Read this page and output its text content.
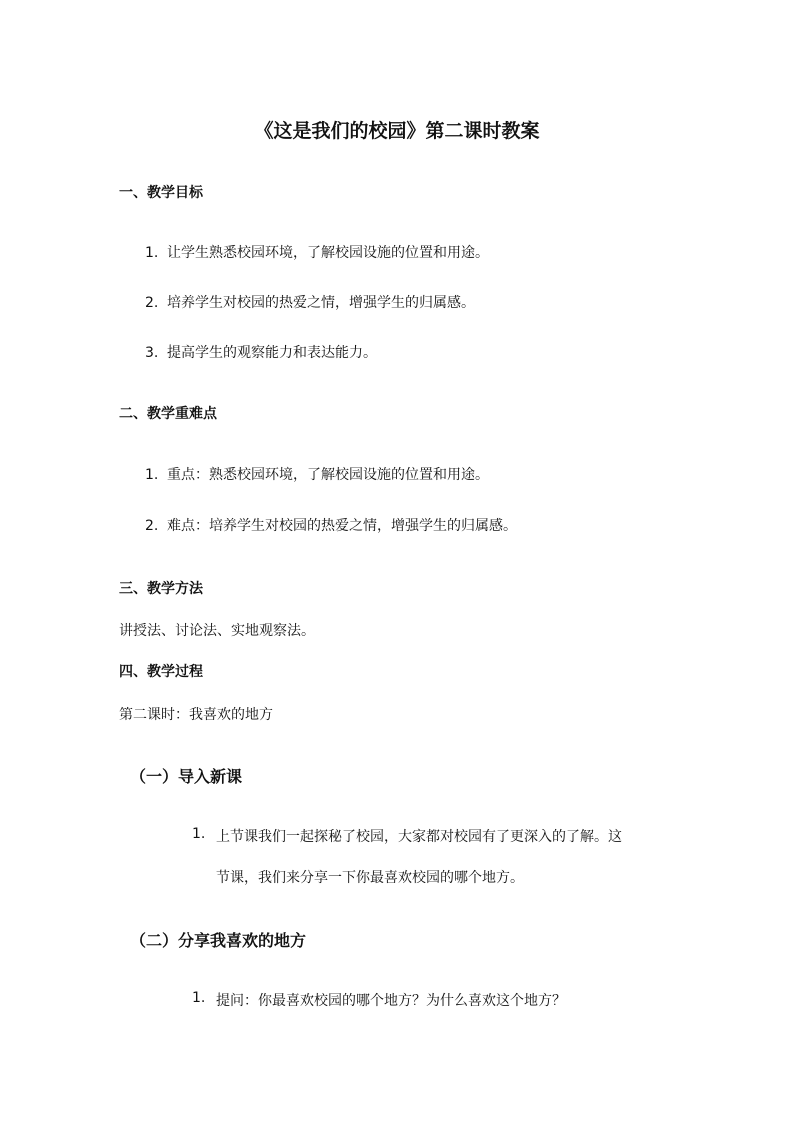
《这是我们的校园》第二课时教案
一、教学目标
1. 让学生熟悉校园环境，了解校园设施的位置和用途。
2. 培养学生对校园的热爱之情，增强学生的归属感。
3. 提高学生的观察能力和表达能力。
二、教学重难点
1. 重点：熟悉校园环境，了解校园设施的位置和用途。
2. 难点：培养学生对校园的热爱之情，增强学生的归属感。
三、教学方法
讲授法、讨论法、实地观察法。
四、教学过程
第二课时：我喜欢的地方
（一）导入新课
1. 上节课我们一起探秘了校园，大家都对校园有了更深入的了解。这
节课，我们来分享一下你最喜欢校园的哪个地方。
（二）分享我喜欢的地方
1. 提问：你最喜欢校园的哪个地方？为什么喜欢这个地方？
